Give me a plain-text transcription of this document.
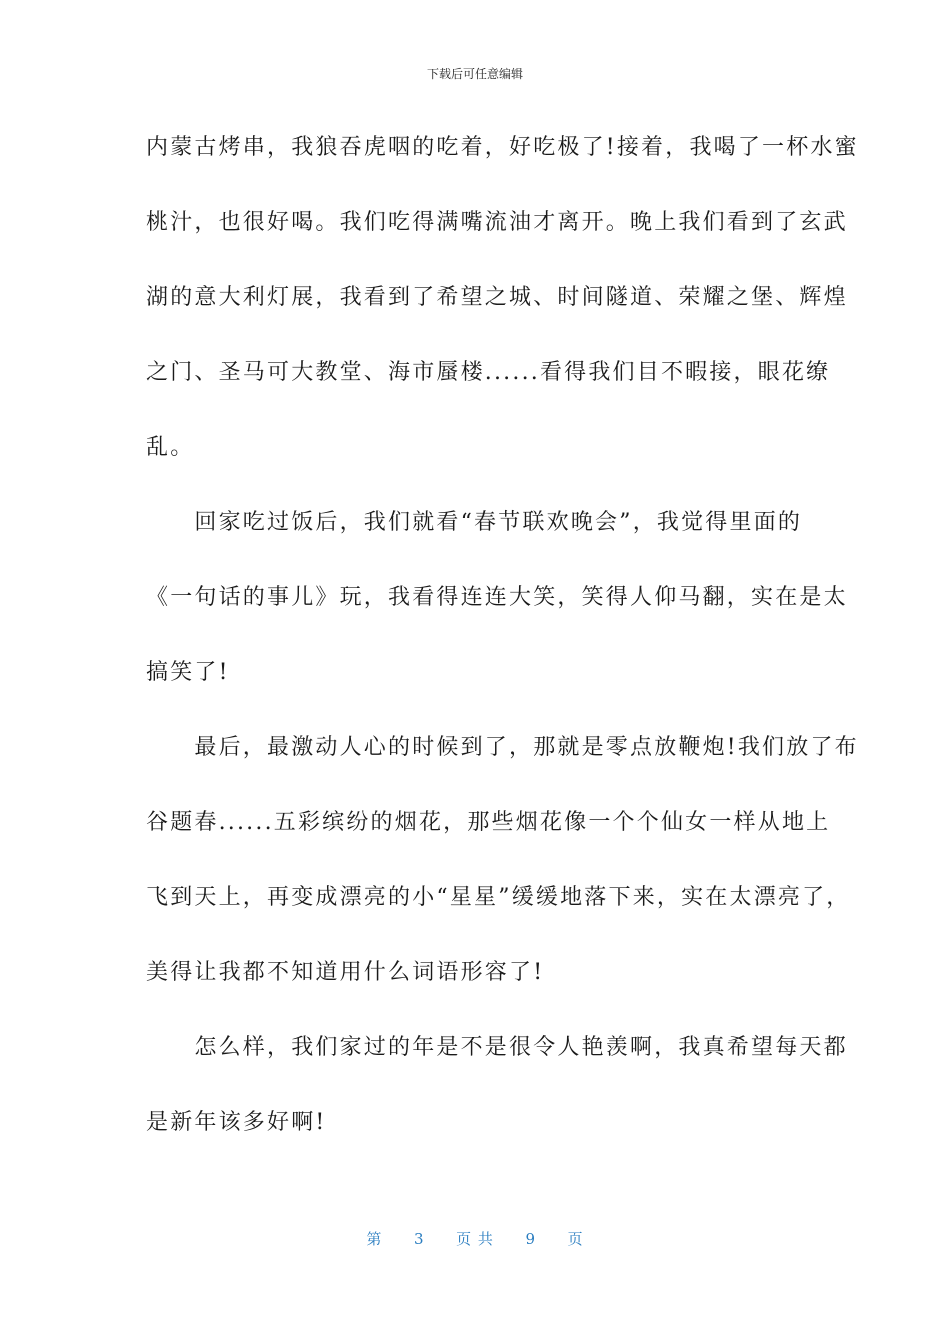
下载后可任意编辑
内蒙古烤串，我狼吞虎咽的吃着，好吃极了!接着，我喝了一杯水蜜
桃汁，也很好喝。我们吃得满嘴流油才离开。晚上我们看到了玄武
湖的意大利灯展，我看到了希望之城、时间隧道、荣耀之堡、辉煌
之门、圣马可大教堂、海市蜃楼......看得我们目不暇接，眼花缭
乱。
　　回家吃过饭后，我们就看“春节联欢晚会”，我觉得里面的
《一句话的事儿》玩，我看得连连大笑，笑得人仰马翻，实在是太
搞笑了!
　　最后，最激动人心的时候到了，那就是零点放鞭炮!我们放了布
谷题春......五彩缤纷的烟花，那些烟花像一个个仙女一样从地上
飞到天上，再变成漂亮的小“星星”缓缓地落下来，实在太漂亮了，
美得让我都不知道用什么词语形容了!
　　怎么样，我们家过的年是不是很令人艳羡啊，我真希望每天都
是新年该多好啊!
第 3 页 共 9 页
